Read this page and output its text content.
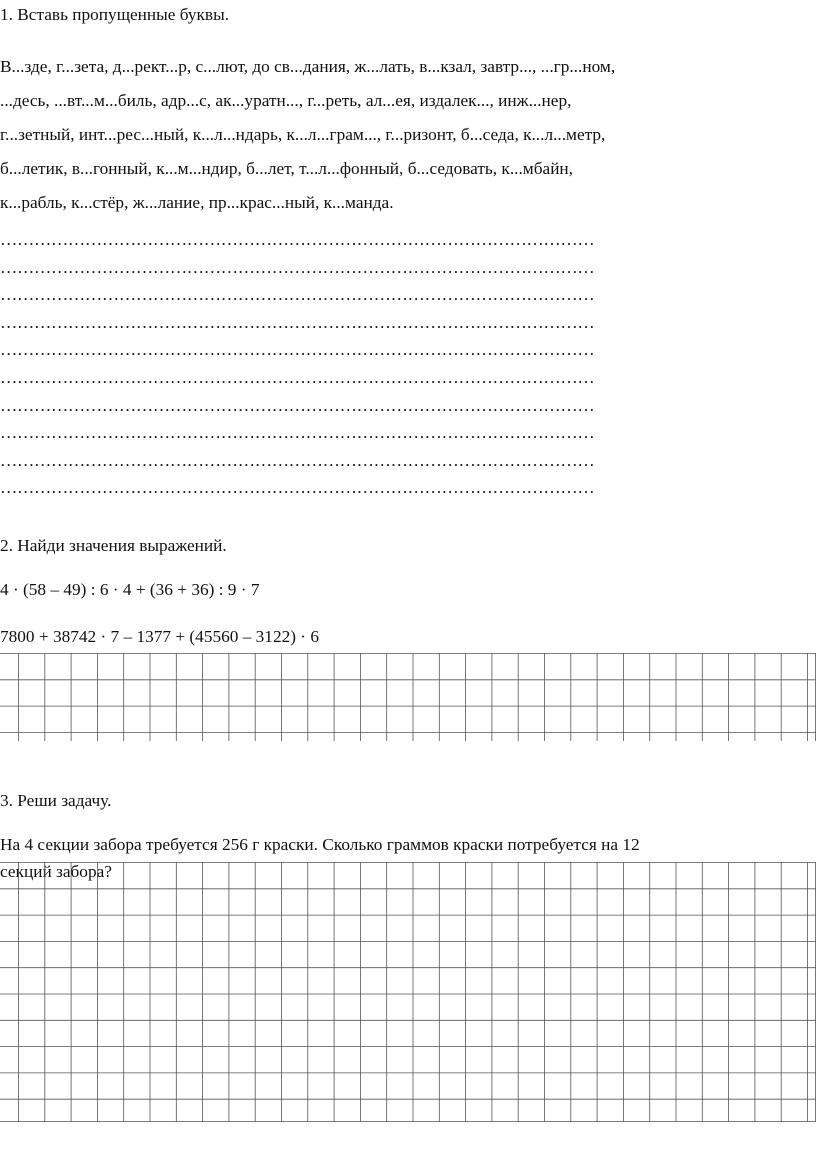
1. Вставь пропущенные буквы.
В...зде, г...зета, д...рект...р, с...лют, до св...дания, ж...лать, в...кзал, завтр..., ...гр...ном,
...десь, ...вт...м...биль, адр...с, ак...уратн..., г...реть, ал...ея, издалек..., инж...нер,
г...зетный, инт...рес...ный, к...л...ндарь, к...л...грам..., г...ризонт, б...седа, к...л...метр,
б...летик, в...гонный, к...м...ндир, б...лет, т...л...фонный, б...седовать, к...мбайн,
к...рабль, к...стёр, ж...лание, пр...крас...ный, к...манда.
……………………………………………………………………………………………
……………………………………………………………………………………………
……………………………………………………………………………………………
……………………………………………………………………………………………
……………………………………………………………………………………………
……………………………………………………………………………………………
……………………………………………………………………………………………
……………………………………………………………………………………………
……………………………………………………………………………………………
……………………………………………………………………………………………
2. Найди значения выражений.
4 · (58 – 49) : 6 · 4 + (36 + 36) : 9 · 7
7800 + 38742 · 7 – 1377 + (45560 – 3122) · 6
3. Реши задачу.
На 4 секции забора требуется 256 г краски. Сколько граммов краски потребуется на 12
секций забора?
